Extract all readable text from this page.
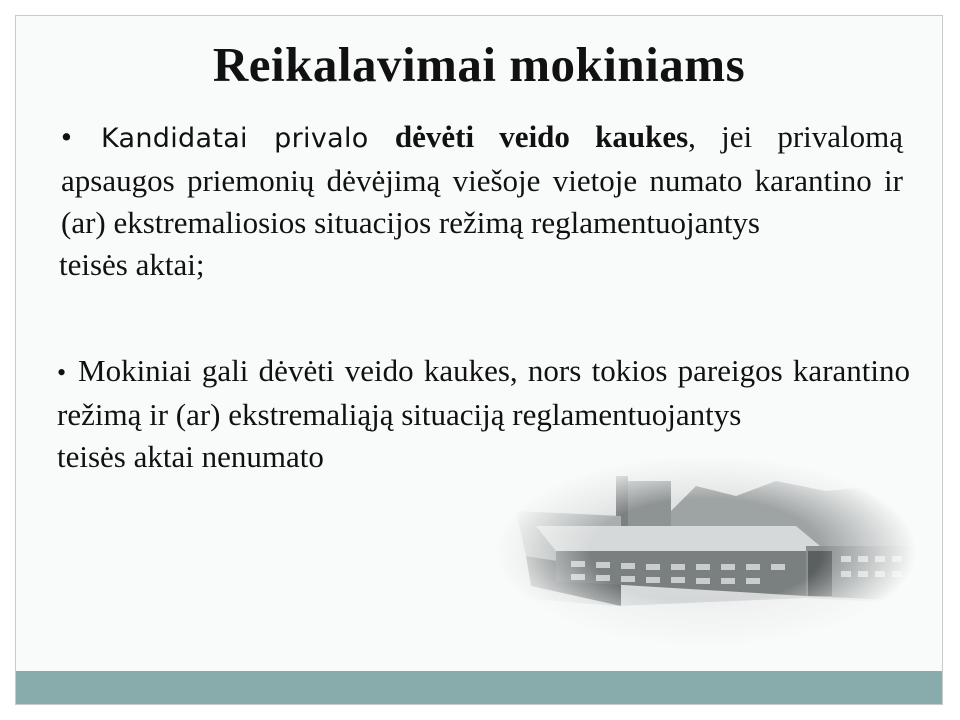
Reikalavimai mokiniams

• Kandidatai privalo dėvėti veido kaukes, jei privalomą apsaugos priemonių dėvėjimą viešoje vietoje numato karantino ir (ar) ekstremaliosios situacijos režimą reglamentuojantys
teisės aktai;

• Mokiniai gali dėvėti veido kaukes, nors tokios pareigos karantino režimą ir (ar) ekstremaliąją situaciją reglamentuojantys
teisės aktai nenumato
